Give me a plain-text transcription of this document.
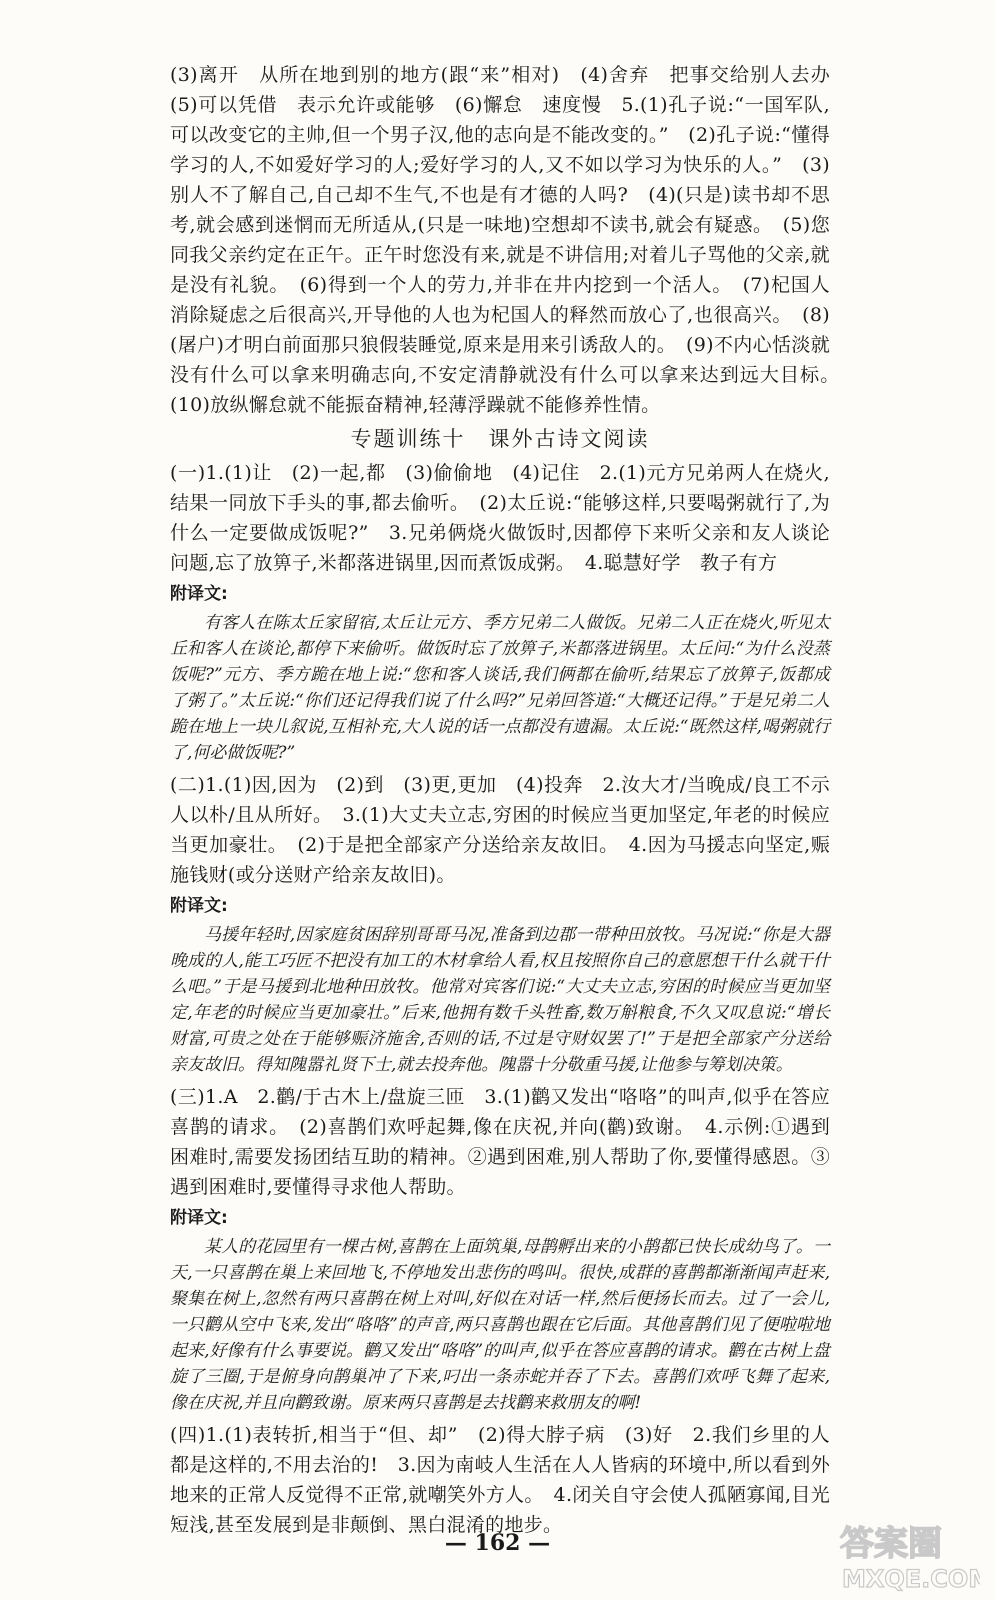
(3)离开　从所在地到别的地方(跟“来”相对)　(4)舍弃　把事交给别人去办　(5)可以凭借　表示允许或能够　(6)懈怠　速度慢　5.(1)孔子说:“一国军队,可以改变它的主帅,但一个男子汉,他的志向是不能改变的。”　(2)孔子说:“懂得学习的人,不如爱好学习的人;爱好学习的人,又不如以学习为快乐的人。”　(3)别人不了解自己,自己却不生气,不也是有才德的人吗?　(4)(只是)读书却不思考,就会感到迷惘而无所适从,(只是一味地)空想却不读书,就会有疑惑。　(5)您同我父亲约定在正午。正午时您没有来,就是不讲信用;对着儿子骂他的父亲,就是没有礼貌。　(6)得到一个人的劳力,并非在井内挖到一个活人。　(7)杞国人消除疑虑之后很高兴,开导他的人也为杞国人的释然而放心了,也很高兴。　(8)(屠户)才明白前面那只狼假装睡觉,原来是用来引诱敌人的。　(9)不内心恬淡就没有什么可以拿来明确志向,不安定清静就没有什么可以拿来达到远大目标。　(10)放纵懈怠就不能振奋精神,轻薄浮躁就不能修养性情。

专题训练十　课外古诗文阅读

(一)1.(1)让　(2)一起,都　(3)偷偷地　(4)记住　2.(1)元方兄弟两人在烧火,结果一同放下手头的事,都去偷听。　(2)太丘说:“能够这样,只要喝粥就行了,为什么一定要做成饭呢?”　3.兄弟俩烧火做饭时,因都停下来听父亲和友人谈论问题,忘了放箅子,米都落进锅里,因而煮饭成粥。　4.聪慧好学　教子有方

附译文:

有客人在陈太丘家留宿,太丘让元方、季方兄弟二人做饭。兄弟二人正在烧火,听见太丘和客人在谈论,都停下来偷听。做饭时忘了放箅子,米都落进锅里。太丘问:“为什么没蒸饭呢?”元方、季方跪在地上说:“您和客人谈话,我们俩都在偷听,结果忘了放箅子,饭都成了粥了。”太丘说:“你们还记得我们说了什么吗?”兄弟回答道:“大概还记得。”于是兄弟二人跪在地上一块儿叙说,互相补充,大人说的话一点都没有遗漏。太丘说:“既然这样,喝粥就行了,何必做饭呢?”

(二)1.(1)因,因为　(2)到　(3)更,更加　(4)投奔　2.汝大才/当晚成/良工不示人以朴/且从所好。　3.(1)大丈夫立志,穷困的时候应当更加坚定,年老的时候应当更加豪壮。　(2)于是把全部家产分送给亲友故旧。　4.因为马援志向坚定,赈施钱财(或分送财产给亲友故旧)。

附译文:

马援年轻时,因家庭贫困辞别哥哥马况,准备到边郡一带种田放牧。马况说:“你是大器晚成的人,能工巧匠不把没有加工的木材拿给人看,权且按照你自己的意愿想干什么就干什么吧。”于是马援到北地种田放牧。他常对宾客们说:“大丈夫立志,穷困的时候应当更加坚定,年老的时候应当更加豪壮。”后来,他拥有数千头牲畜,数万斛粮食,不久又叹息说:“增长财富,可贵之处在于能够赈济施舍,否则的话,不过是守财奴罢了!”于是把全部家产分送给亲友故旧。得知隗嚣礼贤下士,就去投奔他。隗嚣十分敬重马援,让他参与筹划决策。

(三)1.A　2.鹳/于古木上/盘旋三匝　3.(1)鹳又发出“咯咯”的叫声,似乎在答应喜鹊的请求。　(2)喜鹊们欢呼起舞,像在庆祝,并向(鹳)致谢。　4.示例:①遇到困难时,需要发扬团结互助的精神。②遇到困难,别人帮助了你,要懂得感恩。③遇到困难时,要懂得寻求他人帮助。

附译文:

某人的花园里有一棵古树,喜鹊在上面筑巢,母鹊孵出来的小鹊都已快长成幼鸟了。一天,一只喜鹊在巢上来回地飞,不停地发出悲伤的鸣叫。很快,成群的喜鹊都渐渐闻声赶来,聚集在树上,忽然有两只喜鹊在树上对叫,好似在对话一样,然后便扬长而去。过了一会儿,一只鹳从空中飞来,发出“咯咯”的声音,两只喜鹊也跟在它后面。其他喜鹊们见了便啦啦地起来,好像有什么事要说。鹳又发出“咯咯”的叫声,似乎在答应喜鹊的请求。鹳在古树上盘旋了三圈,于是俯身向鹊巢冲了下来,叼出一条赤蛇并吞了下去。喜鹊们欢呼飞舞了起来,像在庆祝,并且向鹳致谢。原来两只喜鹊是去找鹳来救朋友的啊!

(四)1.(1)表转折,相当于“但、却”　(2)得大脖子病　(3)好　2.我们乡里的人都是这样的,不用去治的!　3.因为南岐人生活在人人皆病的环境中,所以看到外地来的正常人反觉得不正常,就嘲笑外方人。　4.闭关自守会使人孤陋寡闻,目光短浅,甚至发展到是非颠倒、黑白混淆的地步。

— 162 —	答案圈
MXQE.COM
